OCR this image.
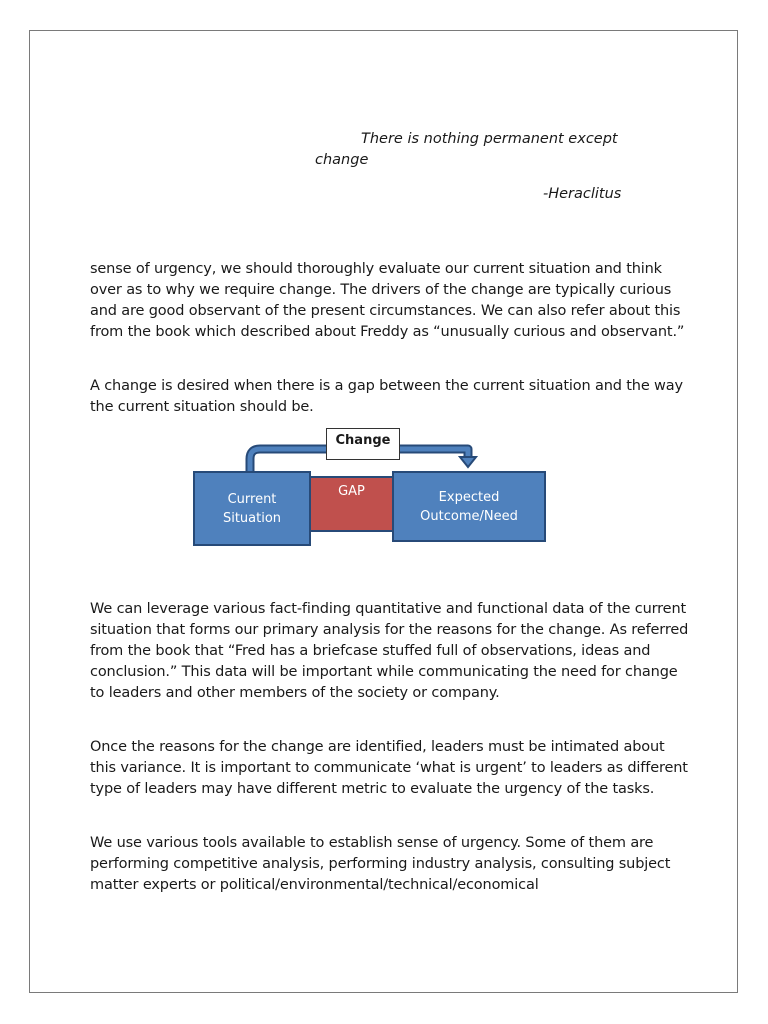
There is nothing permanent except
change
-Heraclitus

sense of urgency, we should thoroughly evaluate our current situation and think over as to why we require change. The drivers of the change are typically curious and are good observant of the present circumstances. We can also refer about this from the book which described about Freddy as “unusually curious and observant.”

A change is desired when there is a gap between the current situation and the way the current situation should be.

Change
Current
Situation
GAP	Expected
Outcome/Need

We can leverage various fact-finding quantitative and functional data of the current situation that forms our primary analysis for the reasons for the change. As referred from the book that “Fred has a briefcase stuffed full of observations, ideas and conclusion.” This data will be important while communicating the need for change to leaders and other members of the society or company.

Once the reasons for the change are identified, leaders must be intimated about this variance. It is important to communicate ‘what is urgent’ to leaders as different type of leaders may have different metric to evaluate the urgency of the tasks.

We use various tools available to establish sense of urgency. Some of them are performing competitive analysis, performing industry analysis, consulting subject matter experts or political/environmental/technical/economical
